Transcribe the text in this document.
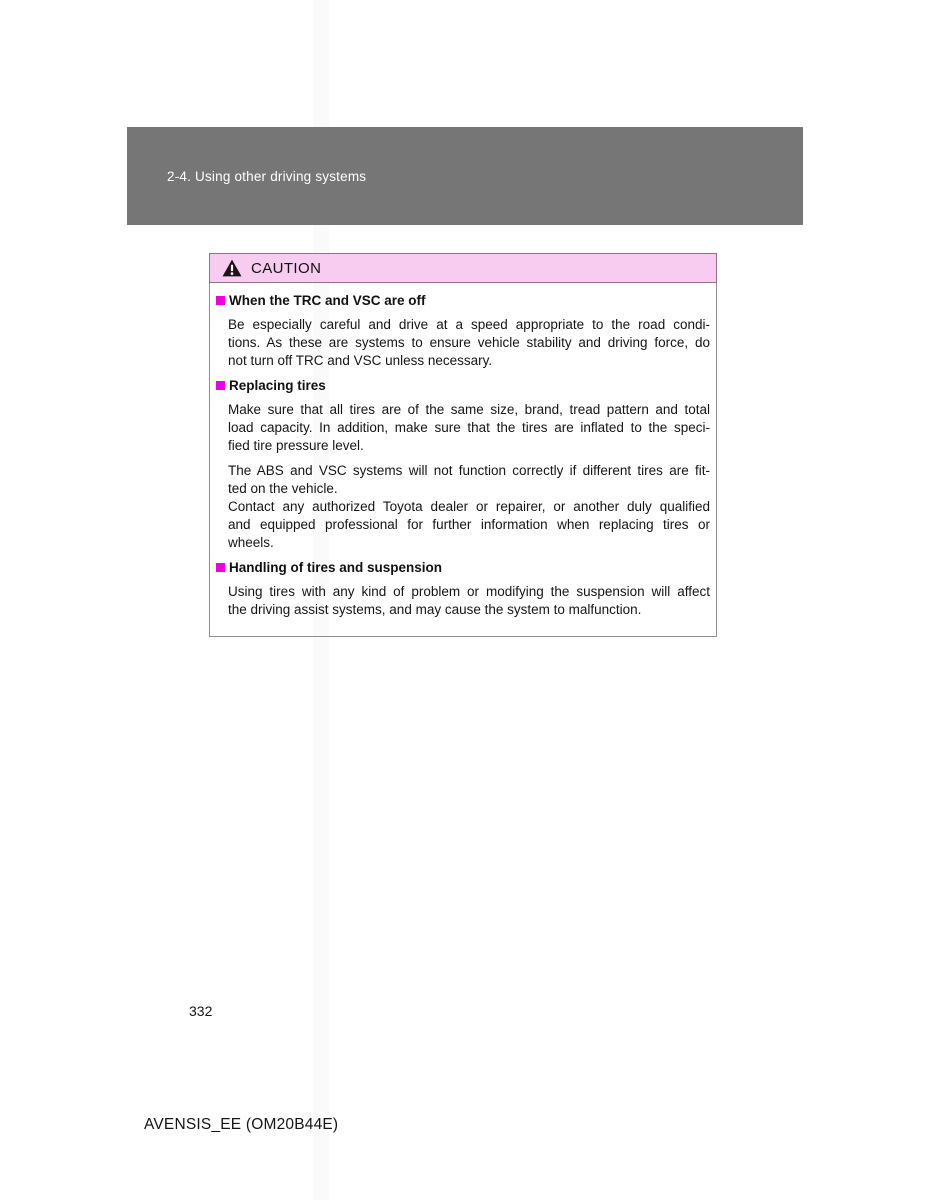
2-4. Using other driving systems
CAUTION
When the TRC and VSC are off
Be especially careful and drive at a speed appropriate to the road condi-
tions. As these are systems to ensure vehicle stability and driving force, do
not turn off TRC and VSC unless necessary.
Replacing tires
Make sure that all tires are of the same size, brand, tread pattern and total
load capacity. In addition, make sure that the tires are inflated to the speci-
fied tire pressure level.
The ABS and VSC systems will not function correctly if different tires are fit-
ted on the vehicle.
Contact any authorized Toyota dealer or repairer, or another duly qualified
and equipped professional for further information when replacing tires or
wheels.
Handling of tires and suspension
Using tires with any kind of problem or modifying the suspension will affect
the driving assist systems, and may cause the system to malfunction.
332
AVENSIS_EE (OM20B44E)
